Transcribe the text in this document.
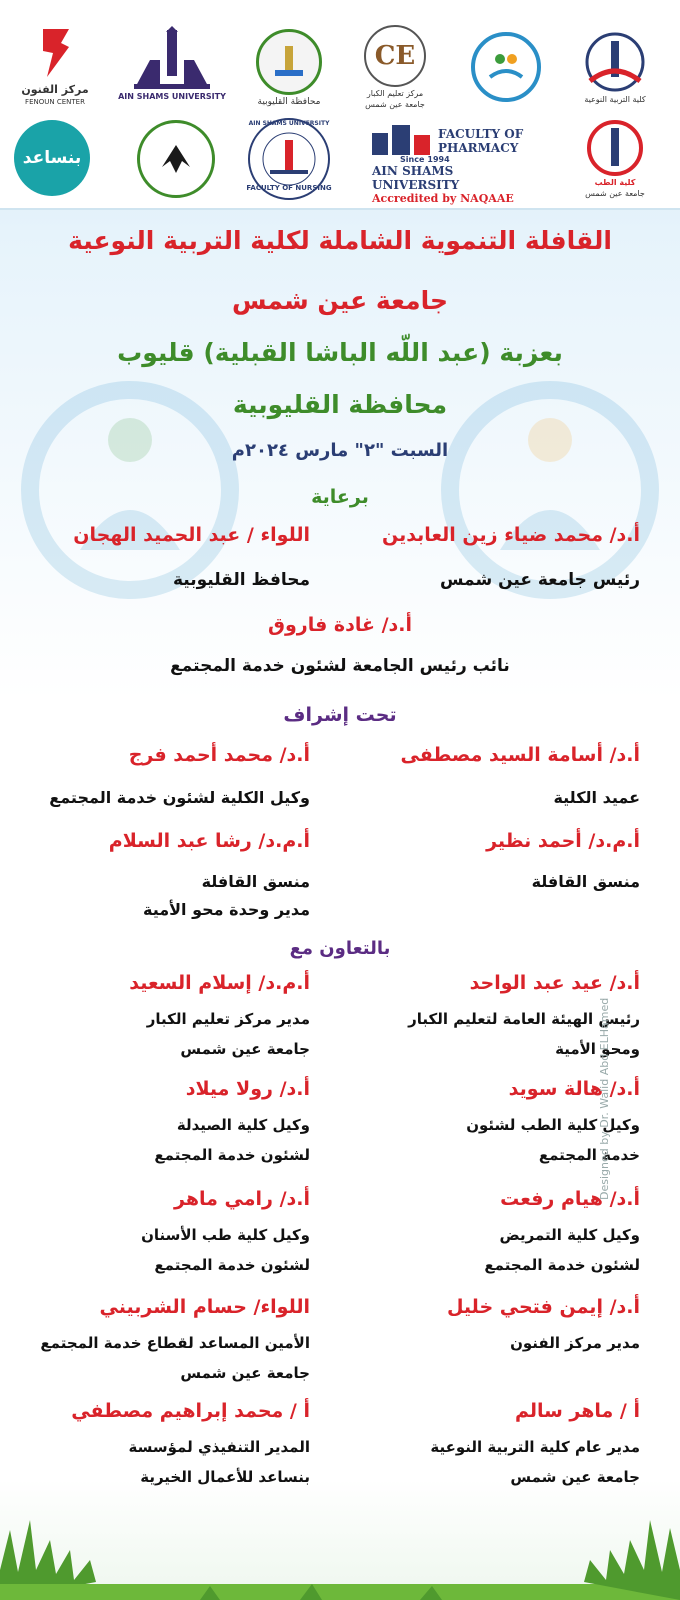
مركز الفنون
FENOUN CENTER
AIN SHAMS UNIVERSITY
محافظة القليوبية
CE
مركز تعليم الكبار
جامعة عين شمس
كلية التربية النوعية
بنساعد
AIN SHAMS UNIVERSITY
FACULTY OF NURSING
FACULTY OF
PHARMACY
Since 1994
AIN SHAMS UNIVERSITY
Accredited by NAQAAE
كلية الطب
جامعة عين شمس
القافلة التنموية الشاملة لكلية التربية النوعية
جامعة عين شمس
بعزبة (عبد اللّه الباشا القبلية) قليوب
محافظة القليوبية
السبت "٢" مارس ٢٠٢٤م
برعاية
أ.د/ محمد ضياء زين العابدين
اللواء / عبد الحميد الهجان
رئيس جامعة عين شمس
محافظ القليوبية
أ.د/ غادة فاروق
نائب رئيس الجامعة لشئون خدمة المجتمع
تحت إشراف
أ.د/ أسامة السيد مصطفى
أ.د/ محمد أحمد فرج
عميد الكلية
وكيل الكلية لشئون خدمة المجتمع
أ.م.د/ أحمد نظير
أ.م.د/ رشا عبد السلام
منسق القافلة
منسق القافلة
مدير وحدة محو الأمية
بالتعاون مع
أ.د/ عيد عبد الواحد
أ.م.د/ إسلام السعيد
رئيس الهيئة العامة لتعليم الكبار
مدير مركز تعليم الكبار
ومحو الأمية
جامعة عين شمس
أ.د/ هالة سويد
أ.د/ رولا ميلاد
وكيل كلية الطب لشئون
وكيل كلية الصيدلة
خدمة المجتمع
لشئون خدمة المجتمع
أ.د/ هيام رفعت
أ.د/ رامي ماهر
وكيل كلية التمريض
وكيل كلية طب الأسنان
لشئون خدمة المجتمع
لشئون خدمة المجتمع
أ.د/ إيمن فتحي خليل
اللواء/ حسام الشربيني
مدير مركز الفنون
الأمين المساعد لقطاع خدمة المجتمع
جامعة عين شمس
أ / ماهر سالم
أ / محمد إبراهيم مصطفي
مدير عام كلية التربية النوعية
المدير التنفيذي لمؤسسة
جامعة عين شمس
بنساعد للأعمال الخيرية
Designed by Dr. Walid Abd ELHamed
